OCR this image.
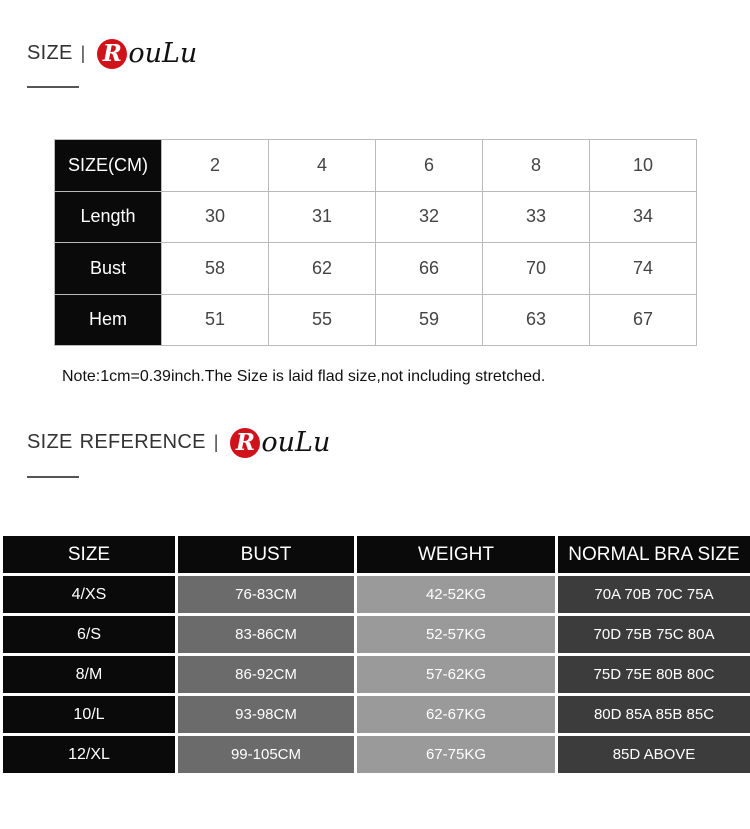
SIZE | R ouLu
SIZE(CM)	2	4	6	8	10
Length	30	31	32	33	34
Bust	58	62	66	70	74
Hem	51	55	59	63	67
Note:1cm=0.39inch.The Size is laid flad size,not including stretched.
SIZE REFERENCE | R ouLu
SIZE	BUST	WEIGHT	NORMAL BRA SIZE
4/XS	76-83CM	42-52KG	70A 70B 70C 75A
6/S	83-86CM	52-57KG	70D 75B 75C 80A
8/M	86-92CM	57-62KG	75D 75E 80B 80C
10/L	93-98CM	62-67KG	80D 85A 85B 85C
12/XL	99-105CM	67-75KG	85D ABOVE
